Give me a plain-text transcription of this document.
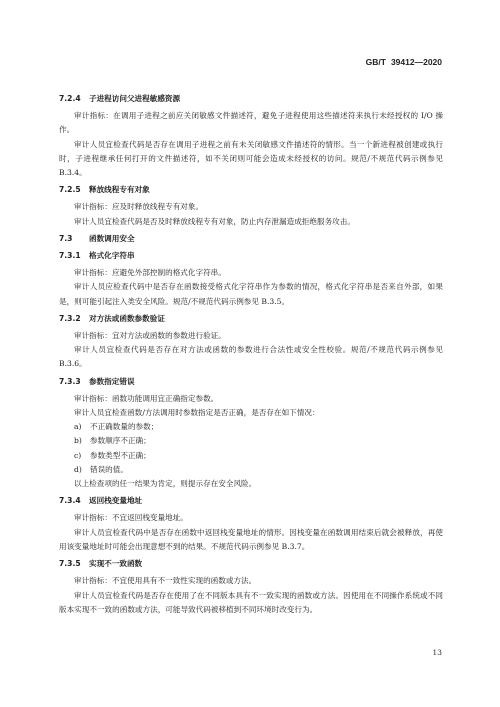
GB/T 39412—2020
7.2.4 子进程访问父进程敏感资源

审计指标：在调用子进程之前应关闭敏感文件描述符，避免子进程使用这些描述符来执行未经授权的 I/O 操作。

审计人员宜检查代码是否存在调用子进程之前有未关闭敏感文件描述符的情形。当一个新进程被创建或执行时，子进程继承任何打开的文件描述符，如不关闭则可能会造成未经授权的访问。规范/不规范代码示例参见 B.3.4。

7.2.5 释放线程专有对象

审计指标：应及时释放线程专有对象。

审计人员宜检查代码是否及时释放线程专有对象，防止内存泄漏造成拒绝服务攻击。

7.3 函数调用安全
7.3.1 格式化字符串

审计指标：应避免外部控制的格式化字符串。

审计人员应检查代码中是否存在函数接受格式化字符串作为参数的情况，格式化字符串是否来自外部，如果是，则可能引起注入类安全风险。规范/不规范代码示例参见 B.3.5。

7.3.2 对方法或函数参数验证

审计指标：宜对方法或函数的参数进行验证。

审计人员宜检查代码是否存在对方法或函数的参数进行合法性或安全性校验。规范/不规范代码示例参见 B.3.6。

7.3.3 参数指定错误

审计指标：函数功能调用宜正确指定参数。

审计人员宜检查函数/方法调用时参数指定是否正确，是否存在如下情况：

a) 不正确数量的参数；

b) 参数顺序不正确；

c) 参数类型不正确；

d) 错误的值。

以上检查项的任一结果为肯定，则提示存在安全风险。

7.3.4 返回栈变量地址

审计指标：不宜返回栈变量地址。

审计人员宜检查代码中是否存在函数中返回栈变量地址的情形。因栈变量在函数调用结束后就会被释放，再使用该变量地址时可能会出现意想不到的结果。不规范代码示例参见 B.3.7。

7.3.5 实现不一致函数

审计指标：不宜使用具有不一致性实现的函数或方法。

审计人员宜检查代码是否存在使用了在不同版本具有不一致实现的函数或方法。因使用在不同操作系统或不同版本实现不一致的函数或方法，可能导致代码被移植到不同环境时改变行为。

13
